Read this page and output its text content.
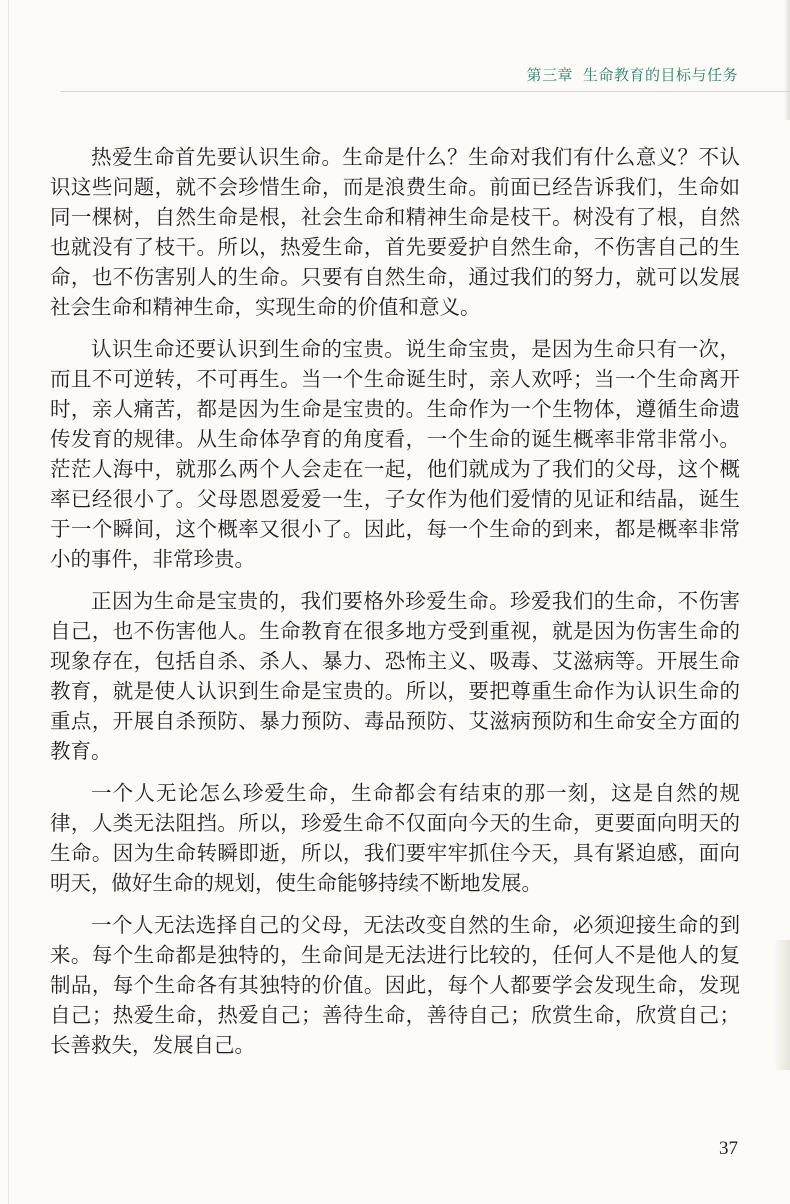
第三章 生命教育的目标与任务

热爱生命首先要认识生命。生命是什么？生命对我们有什么意义？不认识这些问题，就不会珍惜生命，而是浪费生命。前面已经告诉我们，生命如同一棵树，自然生命是根，社会生命和精神生命是枝干。树没有了根，自然也就没有了枝干。所以，热爱生命，首先要爱护自然生命，不伤害自己的生命，也不伤害别人的生命。只要有自然生命，通过我们的努力，就可以发展社会生命和精神生命，实现生命的价值和意义。

认识生命还要认识到生命的宝贵。说生命宝贵，是因为生命只有一次，而且不可逆转，不可再生。当一个生命诞生时，亲人欢呼；当一个生命离开时，亲人痛苦，都是因为生命是宝贵的。生命作为一个生物体，遵循生命遗传发育的规律。从生命体孕育的角度看，一个生命的诞生概率非常非常小。茫茫人海中，就那么两个人会走在一起，他们就成为了我们的父母，这个概率已经很小了。父母恩恩爱爱一生，子女作为他们爱情的见证和结晶，诞生于一个瞬间，这个概率又很小了。因此，每一个生命的到来，都是概率非常小的事件，非常珍贵。

正因为生命是宝贵的，我们要格外珍爱生命。珍爱我们的生命，不伤害自己，也不伤害他人。生命教育在很多地方受到重视，就是因为伤害生命的现象存在，包括自杀、杀人、暴力、恐怖主义、吸毒、艾滋病等。开展生命教育，就是使人认识到生命是宝贵的。所以，要把尊重生命作为认识生命的重点，开展自杀预防、暴力预防、毒品预防、艾滋病预防和生命安全方面的教育。

一个人无论怎么珍爱生命，生命都会有结束的那一刻，这是自然的规律，人类无法阻挡。所以，珍爱生命不仅面向今天的生命，更要面向明天的生命。因为生命转瞬即逝，所以，我们要牢牢抓住今天，具有紧迫感，面向明天，做好生命的规划，使生命能够持续不断地发展。

一个人无法选择自己的父母，无法改变自然的生命，必须迎接生命的到来。每个生命都是独特的，生命间是无法进行比较的，任何人不是他人的复制品，每个生命各有其独特的价值。因此，每个人都要学会发现生命，发现自己；热爱生命，热爱自己；善待生命，善待自己；欣赏生命，欣赏自己；长善救失，发展自己。

37
